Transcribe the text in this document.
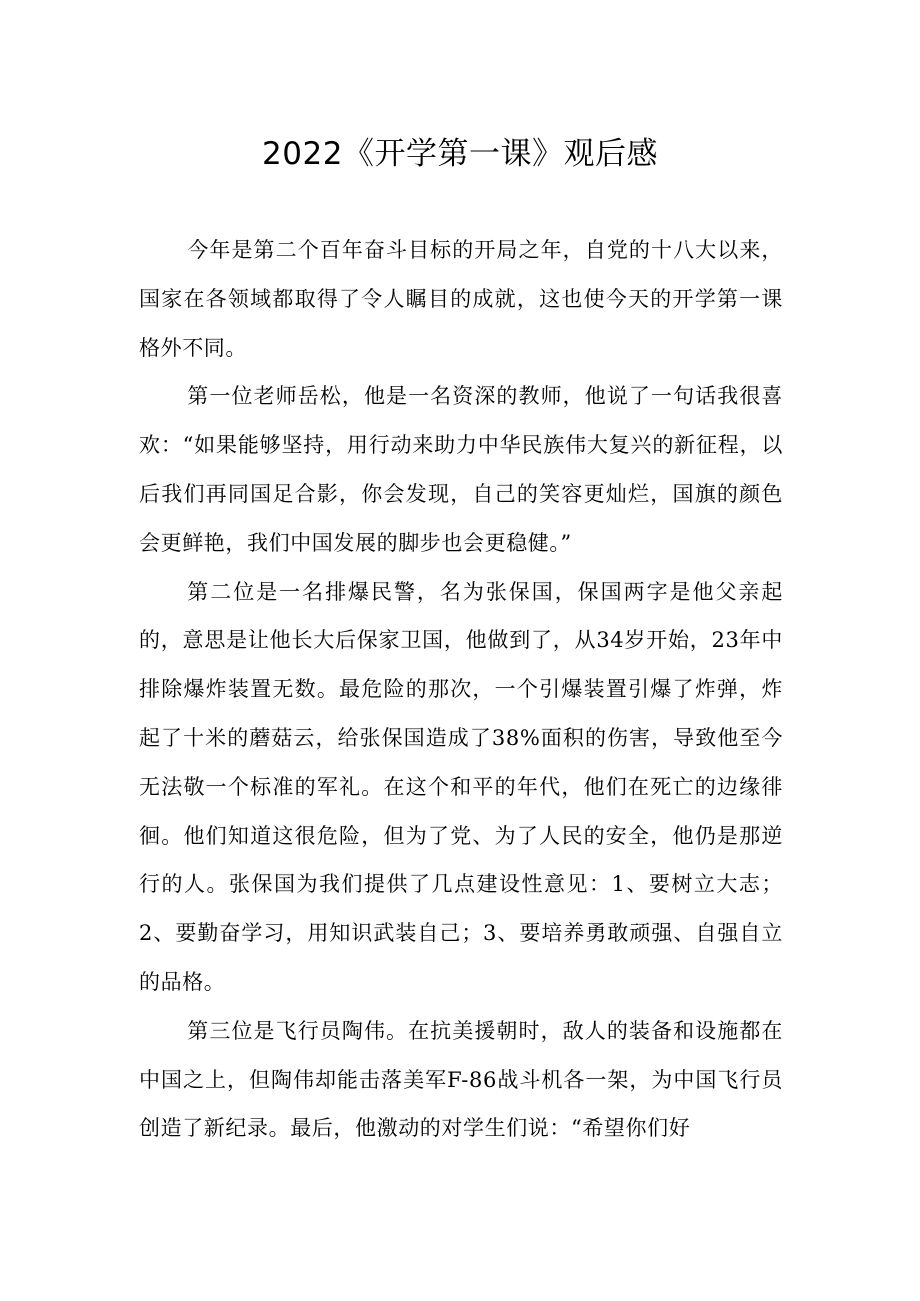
2022《开学第一课》观后感

今年是第二个百年奋斗目标的开局之年，自党的十八大以来，国家在各领域都取得了令人瞩目的成就，这也使今天的开学第一课格外不同。

第一位老师岳松，他是一名资深的教师，他说了一句话我很喜欢：“如果能够坚持，用行动来助力中华民族伟大复兴的新征程，以后我们再同国足合影，你会发现，自己的笑容更灿烂，国旗的颜色会更鲜艳，我们中国发展的脚步也会更稳健。”

第二位是一名排爆民警，名为张保国，保国两字是他父亲起的，意思是让他长大后保家卫国，他做到了，从34岁开始，23年中排除爆炸装置无数。最危险的那次，一个引爆装置引爆了炸弹，炸起了十米的蘑菇云，给张保国造成了38%面积的伤害，导致他至今无法敬一个标准的军礼。在这个和平的年代，他们在死亡的边缘徘徊。他们知道这很危险，但为了党、为了人民的安全，他仍是那逆行的人。张保国为我们提供了几点建设性意见：1、要树立大志；2、要勤奋学习，用知识武装自己；3、要培养勇敢顽强、自强自立的品格。

第三位是飞行员陶伟。在抗美援朝时，敌人的装备和设施都在中国之上，但陶伟却能击落美军F-86战斗机各一架，为中国飞行员创造了新纪录。最后，他激动的对学生们说：“希望你们好
